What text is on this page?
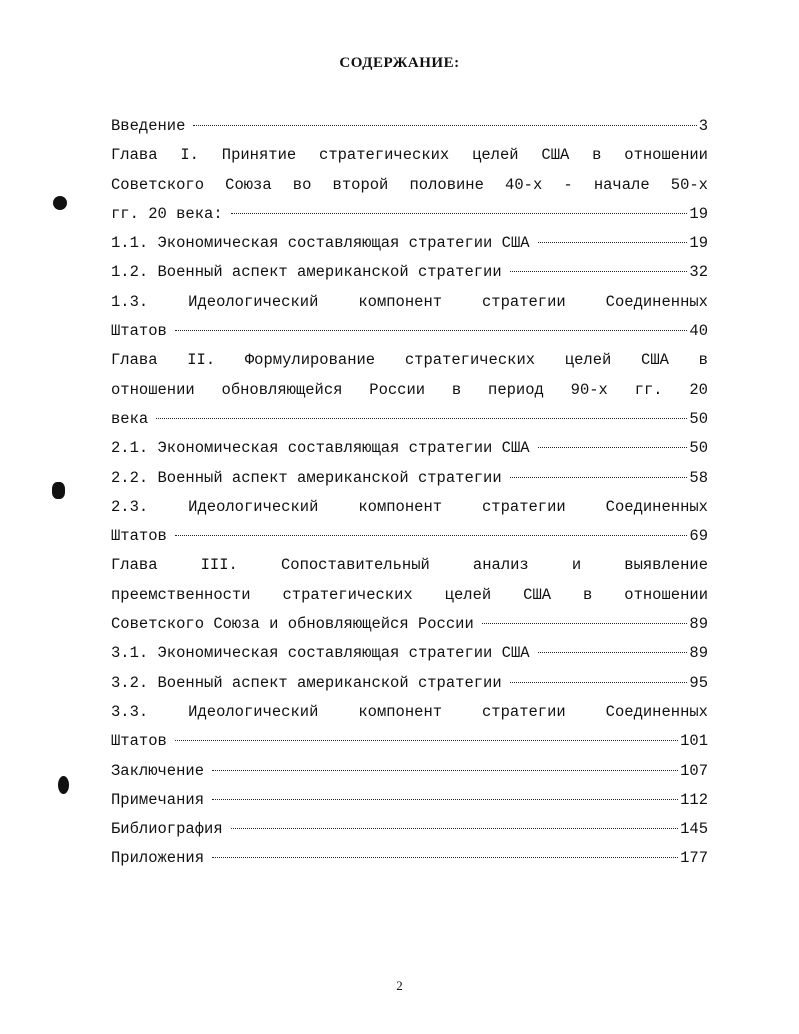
СОДЕРЖАНИЕ:
Введение	3
Глава I. Принятие стратегических целей США в отношении
Советского Союза во второй половине 40-х - начале 50-х
гг. 20 века:	19
1.1. Экономическая составляющая стратегии США	19
1.2. Военный аспект американской стратегии	32
1.3. Идеологический компонент стратегии Соединенных
Штатов	40
Глава II. Формулирование стратегических целей США в
отношении обновляющейся России в период 90-х гг. 20
века	50
2.1. Экономическая составляющая стратегии США	50
2.2. Военный аспект американской стратегии	58
2.3. Идеологический компонент стратегии Соединенных
Штатов	69
Глава III. Сопоставительный анализ и выявление
преемственности стратегических целей США в отношении
Советского Союза и обновляющейся России	89
3.1. Экономическая составляющая стратегии США	89
3.2. Военный аспект американской стратегии	95
3.3. Идеологический компонент стратегии Соединенных
Штатов	101
Заключение	107
Примечания	112
Библиография	145
Приложения	177
2
